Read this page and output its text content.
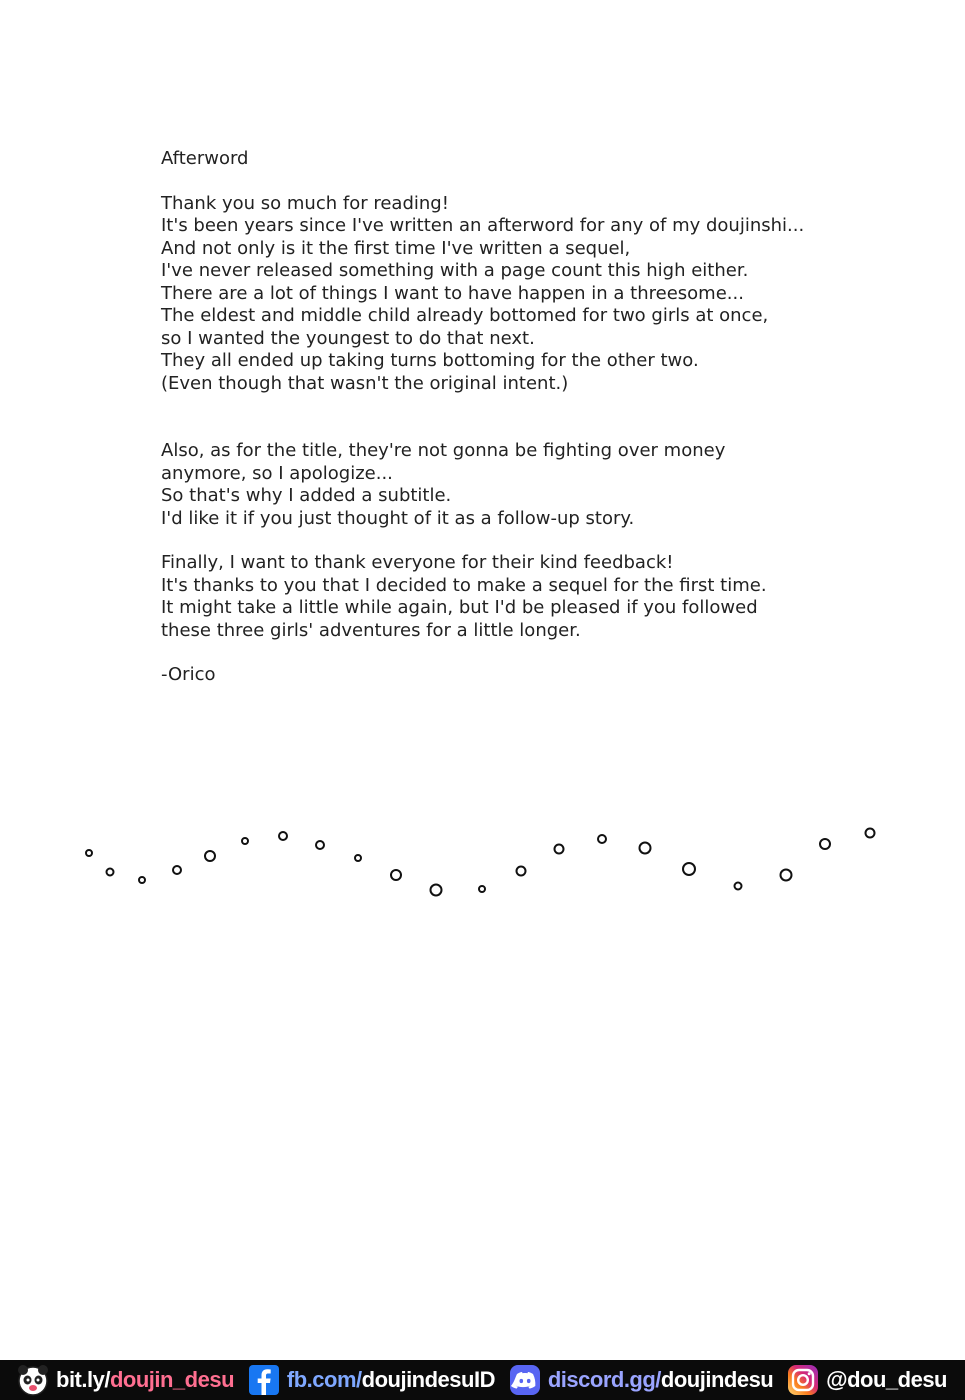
Afterword
Thank you so much for reading!
It's been years since I've written an afterword for any of my doujinshi...
And not only is it the first time I've written a sequel,
I've never released something with a page count this high either.
There are a lot of things I want to have happen in a threesome...
The eldest and middle child already bottomed for two girls at once,
so I wanted the youngest to do that next.
They all ended up taking turns bottoming for the other two.
(Even though that wasn't the original intent.)
Also, as for the title, they're not gonna be fighting over money
anymore, so I apologize...
So that's why I added a subtitle.
I'd like it if you just thought of it as a follow-up story.
Finally, I want to thank everyone for their kind feedback!
It's thanks to you that I decided to make a sequel for the first time.
It might take a little while again, but I'd be pleased if you followed
these three girls' adventures for a little longer.
-Orico
bit.ly/ doujin_desu fb.com/ doujindesuID discord.gg/ doujindesu @dou_desu
